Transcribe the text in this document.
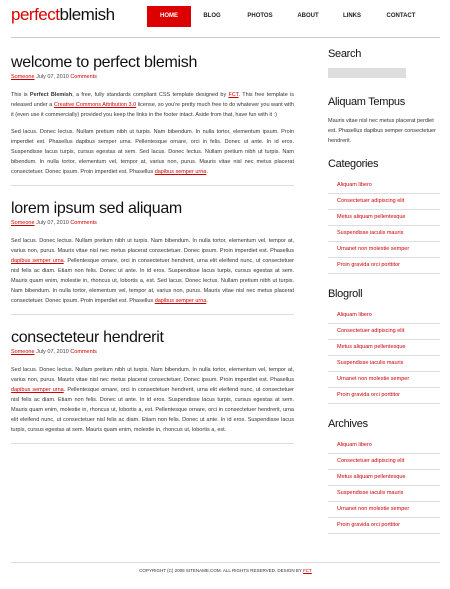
perfectblemish	HOME	BLOG	PHOTOS	ABOUT	LINKS	CONTACT
welcome to perfect blemish
Someone July 07, 2010 Comments

This is Perfect Blemish, a free, fully standards compliant CSS template designed by FCT. This free template is released under a Creative Commons Attribution 3.0 license, so you're pretty much free to do whatever you want with it (even use it commercially) provided you keep the links in the footer intact. Aside from that, have fun with it :)

Sed lacus. Donec lectus. Nullam pretium nibh ut turpis. Nam bibendum. In nulla tortor, elementum ipsum. Proin imperdiet est. Phasellus dapibus semper urna. Pellentesque ornare, orci in felis. Donec ut ante. In id eros. Suspendisse lacus turpis, cursus egestas at sem. Sed lacus. Donec lectus. Nullam pretium nibh ut turpis. Nam bibendum. In nulla tortor, elementum vel, tempor at, varius non, purus. Mauris vitae nisl nec metus placerat consectetuer. Donec ipsum. Proin imperdiet est. Phasellus dapibus semper urna.

lorem ipsum sed aliquam
Someone July 07, 2010 Comments

Sed lacus. Donec lectus. Nullam pretium nibh ut turpis. Nam bibendum. In nulla tortor, elementum vel, tempor at, varius non, purus. Mauris vitae nisl nec metus placerat consectetuer. Donec ipsum. Proin imperdiet est. Phasellus dapibus semper urna. Pellentesque ornare, orci in consectetuer hendrerit, urna elit eleifend nunc, ut consectetuer nisl felis ac diam. Etiam non felis. Donec ut ante. In id eros. Suspendisse lacus turpis, cursus egestas at sem. Mauris quam enim, molestie in, rhoncus ut, lobortis a, est. Sed lacus. Donec lectus. Nullam pretium nibh ut turpis. Nam bibendum. In nulla tortor, elementum vel, tempor at, varius non, purus. Mauris vitae nisl nec metus placerat consectetuer. Donec ipsum. Proin imperdiet est. Phasellus dapibus semper urna.

consecteteur hendrerit
Someone July 07, 2010 Comments

Sed lacus. Donec lectus. Nullam pretium nibh ut turpis. Nam bibendum. In nulla tortor, elementum vel, tempor at, varius non, purus. Mauris vitae nisl nec metus placerat consectetuer. Donec ipsum. Proin imperdiet est. Phasellus dapibus semper urna. Pellentesque ornare, orci in consectetuer hendrerit, urna elit eleifend nunc, ut consectetuer nisl felis ac diam. Etiam non felis. Donec ut ante. In id eros. Suspendisse lacus turpis, cursus egestas at sem. Mauris quam enim, molestie in, rhoncus ut, lobortis a, est. Pellentesque ornare, orci in consectetuer hendrerit, urna elit eleifend nunc, ut consectetuer nisl felis ac diam. Etiam non felis. Donec ut ante. In id eros. Suspendisse lacus turpis, cursus egestas at sem. Mauris quam enim, molestie in, rhoncus ut, lobortis a, est.

Search
Aliquam Tempus

Mauris vitae nisl nec metus placerat perdiet est. Phasellus dapibus semper consectetuer hendrerit.

Categories
Aliquam libero
Consectetuer adipiscing elit
Metus aliquam pellentesque
Suspendisse iaculis mauris
Urnanet non molestie semper
Proin gravida orci porttitor
Blogroll
Aliquam libero
Consectetuer adipiscing elit
Metus aliquam pellentesque
Suspendisse iaculis mauris
Urnanet non molestie semper
Proin gravida orci porttitor
Archives
Aliquam libero
Consectetuer adipiscing elit
Metus aliquam pellentesque
Suspendisse iaculis mauris
Urnanet non molestie semper
Proin gravida orci porttitor
COPYRIGHT (C) 2008 SITENAME.COM. ALL RIGHTS RESERVED. DESIGN BY FCT
